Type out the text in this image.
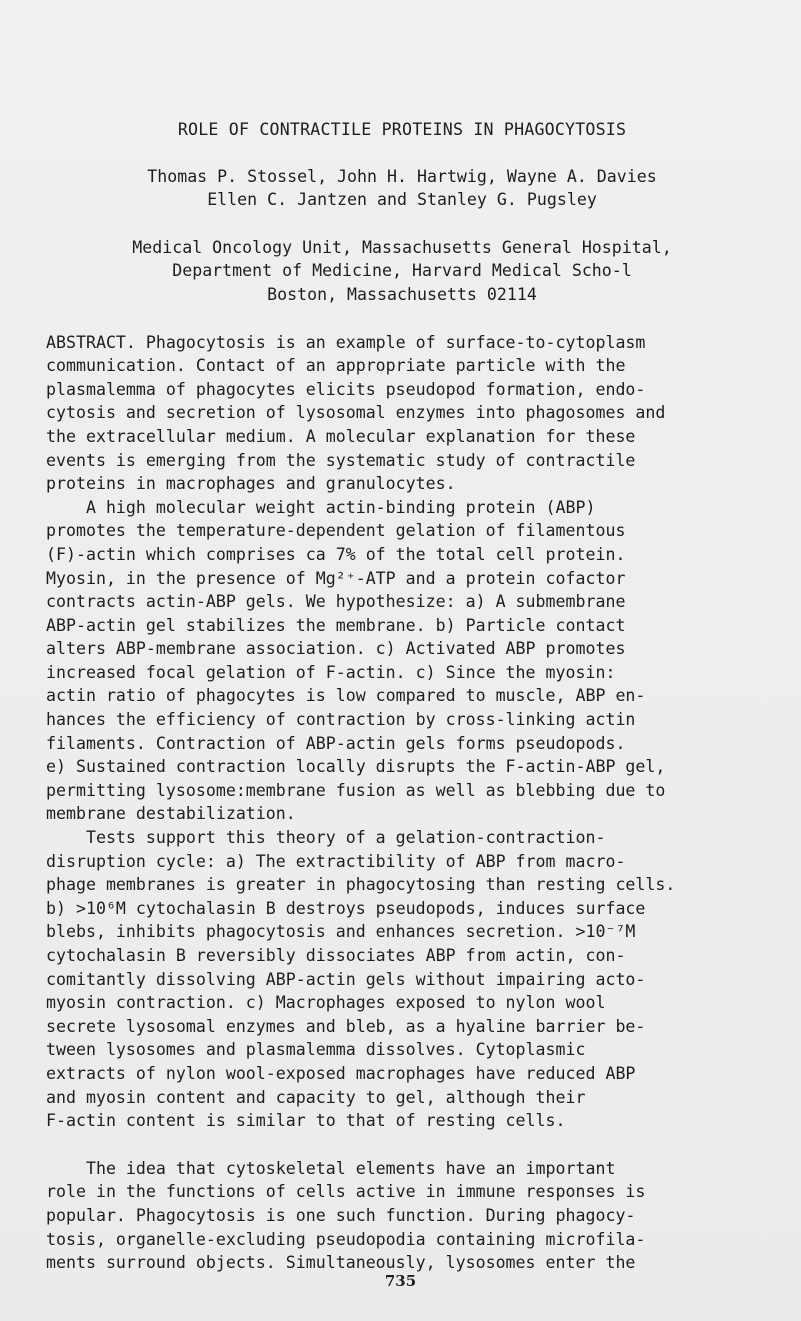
ROLE OF CONTRACTILE PROTEINS IN PHAGOCYTOSIS
Thomas P. Stossel, John H. Hartwig, Wayne A. Davies
Ellen C. Jantzen and Stanley G. Pugsley
Medical Oncology Unit, Massachusetts General Hospital,
Department of Medicine, Harvard Medical Scho-l
Boston, Massachusetts 02114
ABSTRACT. Phagocytosis is an example of surface-to-cytoplasm
communication. Contact of an appropriate particle with the
plasmalemma of phagocytes elicits pseudopod formation, endo-
cytosis and secretion of lysosomal enzymes into phagosomes and
the extracellular medium. A molecular explanation for these
events is emerging from the systematic study of contractile
proteins in macrophages and granulocytes.
A high molecular weight actin-binding protein (ABP)
promotes the temperature-dependent gelation of filamentous
(F)-actin which comprises ca 7% of the total cell protein.
Myosin, in the presence of Mg²⁺-ATP and a protein cofactor
contracts actin-ABP gels. We hypothesize: a) A submembrane
ABP-actin gel stabilizes the membrane. b) Particle contact
alters ABP-membrane association. c) Activated ABP promotes
increased focal gelation of F-actin. c) Since the myosin:
actin ratio of phagocytes is low compared to muscle, ABP en-
hances the efficiency of contraction by cross-linking actin
filaments. Contraction of ABP-actin gels forms pseudopods.
e) Sustained contraction locally disrupts the F-actin-ABP gel,
permitting lysosome:membrane fusion as well as blebbing due to
membrane destabilization.
Tests support this theory of a gelation-contraction-
disruption cycle: a) The extractibility of ABP from macro-
phage membranes is greater in phagocytosing than resting cells.
b) >10⁶M cytochalasin B destroys pseudopods, induces surface
blebs, inhibits phagocytosis and enhances secretion. >10⁻⁷M
cytochalasin B reversibly dissociates ABP from actin, con-
comitantly dissolving ABP-actin gels without impairing acto-
myosin contraction. c) Macrophages exposed to nylon wool
secrete lysosomal enzymes and bleb, as a hyaline barrier be-
tween lysosomes and plasmalemma dissolves. Cytoplasmic
extracts of nylon wool-exposed macrophages have reduced ABP
and myosin content and capacity to gel, although their
F-actin content is similar to that of resting cells.
The idea that cytoskeletal elements have an important
role in the functions of cells active in immune responses is
popular. Phagocytosis is one such function. During phagocy-
tosis, organelle-excluding pseudopodia containing microfila-
ments surround objects. Simultaneously, lysosomes enter the
735
